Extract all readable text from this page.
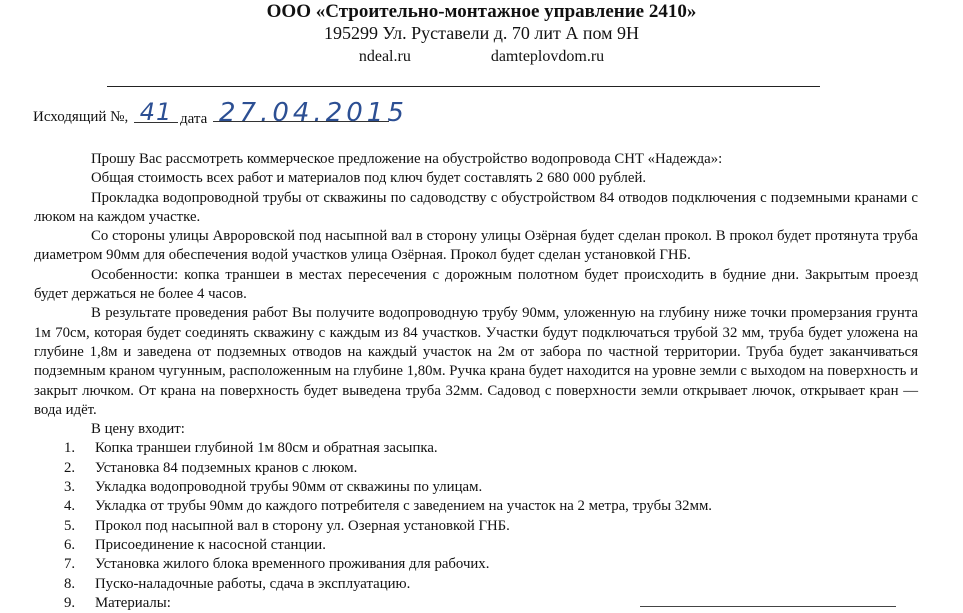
ООО «Строительно-монтажное управление 2410»
195299 Ул. Руставели д. 70 лит А пом 9Н
ndeal.ru	damteplovdom.ru
Исходящий №, 41 дата 27.04.2015

Прошу Вас рассмотреть коммерческое предложение на обустройство водопровода СНТ «Надежда»:

Общая стоимость всех работ и материалов под ключ будет составлять 2 680 000 рублей.

Прокладка водопроводной трубы от скважины по садоводству с обустройством 84 отводов подключения с подземными кранами с люком на каждом участке.

Со стороны улицы Авроровской под насыпной вал в сторону улицы Озёрная будет сделан прокол. В прокол будет протянута труба диаметром 90мм для обеспечения водой участков улица Озёрная. Прокол будет сделан установкой ГНБ.

Особенности: копка траншеи в местах пересечения с дорожным полотном будет происходить в будние дни. Закрытым проезд будет держаться не более 4 часов.

В результате проведения работ Вы получите водопроводную трубу 90мм, уложенную на глубину ниже точки промерзания грунта 1м 70см, которая будет соединять скважину с каждым из 84 участков. Участки будут подключаться трубой 32 мм, труба будет уложена на глубине 1,8м и заведена от подземных отводов на каждый участок на 2м от забора по частной территории. Труба будет заканчиваться подземным краном чугунным, расположенным на глубине 1,80м. Ручка крана будет находится на уровне земли с выходом на поверхность и закрыт лючком. От крана на поверхность будет выведена труба 32мм. Садовод с поверхности земли открывает лючок, открывает кран — вода идёт.

В цену входит:

1. Копка траншеи глубиной 1м 80см и обратная засыпка.
2. Установка 84 подземных кранов с люком.
3. Укладка водопроводной трубы 90мм от скважины по улицам.
4. Укладка от трубы 90мм до каждого потребителя с заведением на участок на 2 метра, трубы 32мм.
5. Прокол под насыпной вал в сторону ул. Озерная установкой ГНБ.
6. Присоединение к насосной станции.
7. Установка жилого блока временного проживания для рабочих.
8. Пуско-наладочные работы, сдача в эксплуатацию.
9. Материалы:
